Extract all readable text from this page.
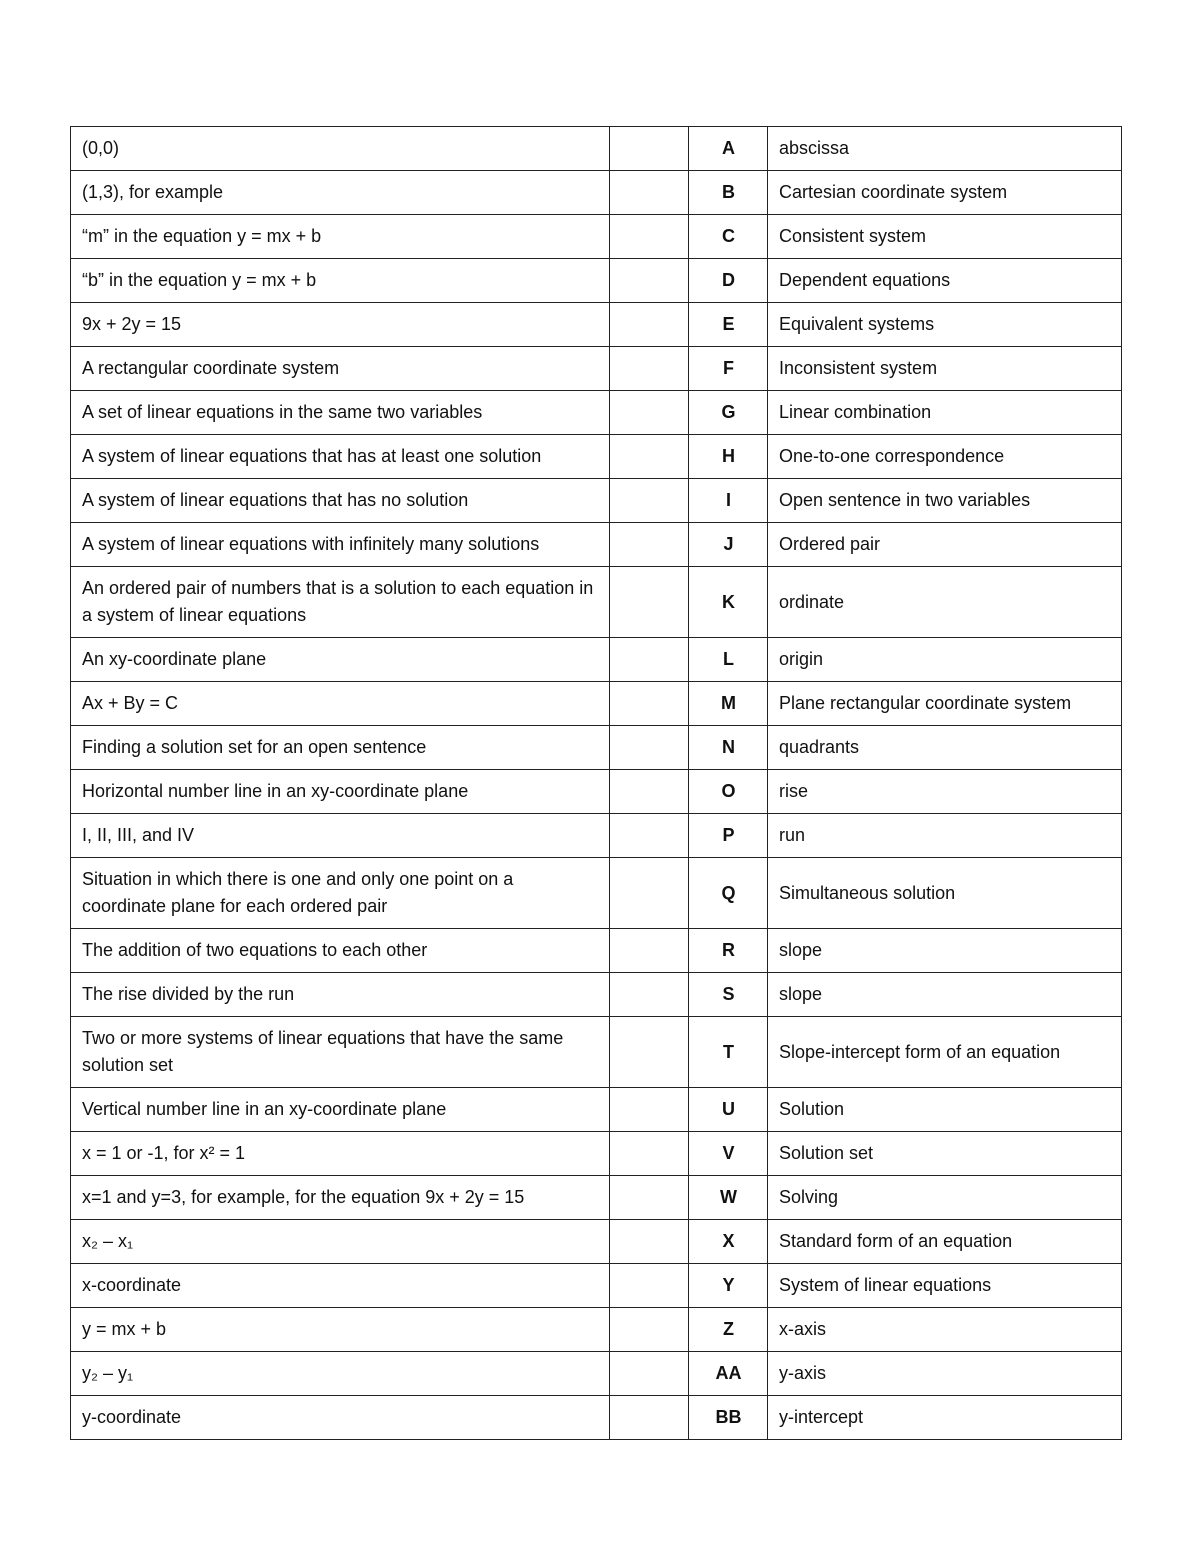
(0,0)		A	abscissa
(1,3), for example		B	Cartesian coordinate system
“m” in the equation y = mx + b		C	Consistent system
“b” in the equation y = mx + b		D	Dependent equations
9x + 2y = 15		E	Equivalent systems
A rectangular coordinate system		F	Inconsistent system
A set of linear equations in the same two variables		G	Linear combination
A system of linear equations that has at least one solution		H	One-to-one correspondence
A system of linear equations that has no solution		I	Open sentence in two variables
A system of linear equations with infinitely many solutions		J	Ordered pair
An ordered pair of numbers that is a solution to each equation in a system of linear equations		K	ordinate
An xy-coordinate plane		L	origin
Ax + By = C		M	Plane rectangular coordinate system
Finding a solution set for an open sentence		N	quadrants
Horizontal number line in an xy-coordinate plane		O	rise
I, II, III, and IV		P	run
Situation in which there is one and only one point on a coordinate plane for each ordered pair		Q	Simultaneous solution
The addition of two equations to each other		R	slope
The rise divided by the run		S	slope
Two or more systems of linear equations that have the same solution set		T	Slope-intercept form of an equation
Vertical number line in an xy-coordinate plane		U	Solution
x = 1 or -1, for x² = 1		V	Solution set
x=1 and y=3, for example, for the equation 9x + 2y = 15		W	Solving
x₂ – x₁		X	Standard form of an equation
x-coordinate		Y	System of linear equations
y = mx + b		Z	x-axis
y₂ – y₁		AA	y-axis
y-coordinate		BB	y-intercept
